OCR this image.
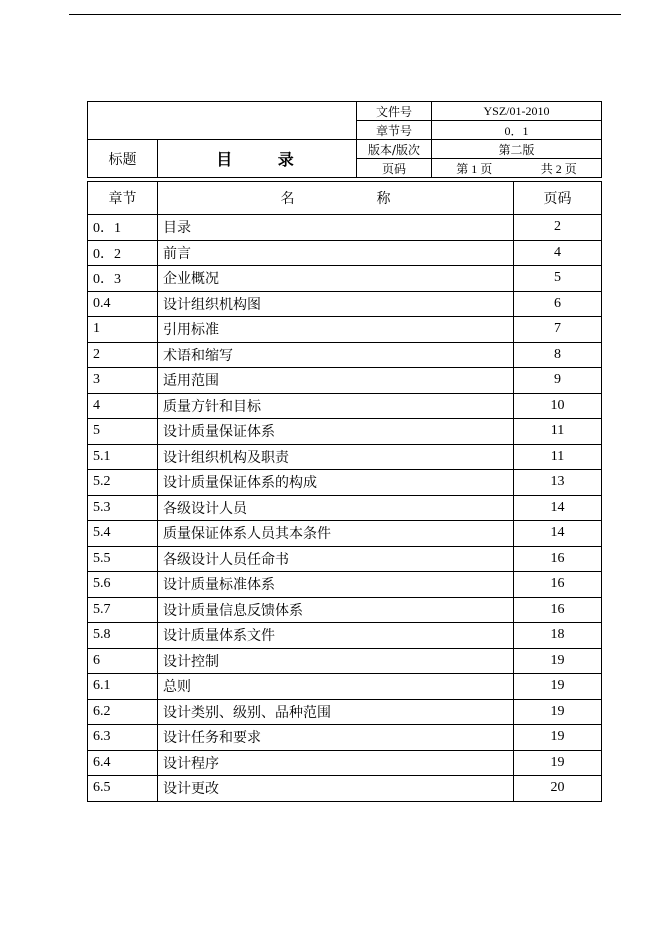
		文件号	YSZ/01-2010
		章节号	0．1
标题	目 录	版本/版次	第二版
		页码	第 1 页 共 2 页
章节	名 称	页码
0．1	目录	2
0．2	前言	4
0．3	企业概况	5
0.4	设计组织机构图	6
1	引用标准	7
2	术语和缩写	8
3	适用范围	9
4	质量方针和目标	10
5	设计质量保证体系	11
5.1	设计组织机构及职责	11
5.2	设计质量保证体系的构成	13
5.3	各级设计人员	14
5.4	质量保证体系人员其本条件	14
5.5	各级设计人员任命书	16
5.6	设计质量标准体系	16
5.7	设计质量信息反馈体系	16
5.8	设计质量体系文件	18
6	设计控制	19
6.1	总则	19
6.2	设计类别、级别、品种范围	19
6.3	设计任务和要求	19
6.4	设计程序	19
6.5	设计更改	20
